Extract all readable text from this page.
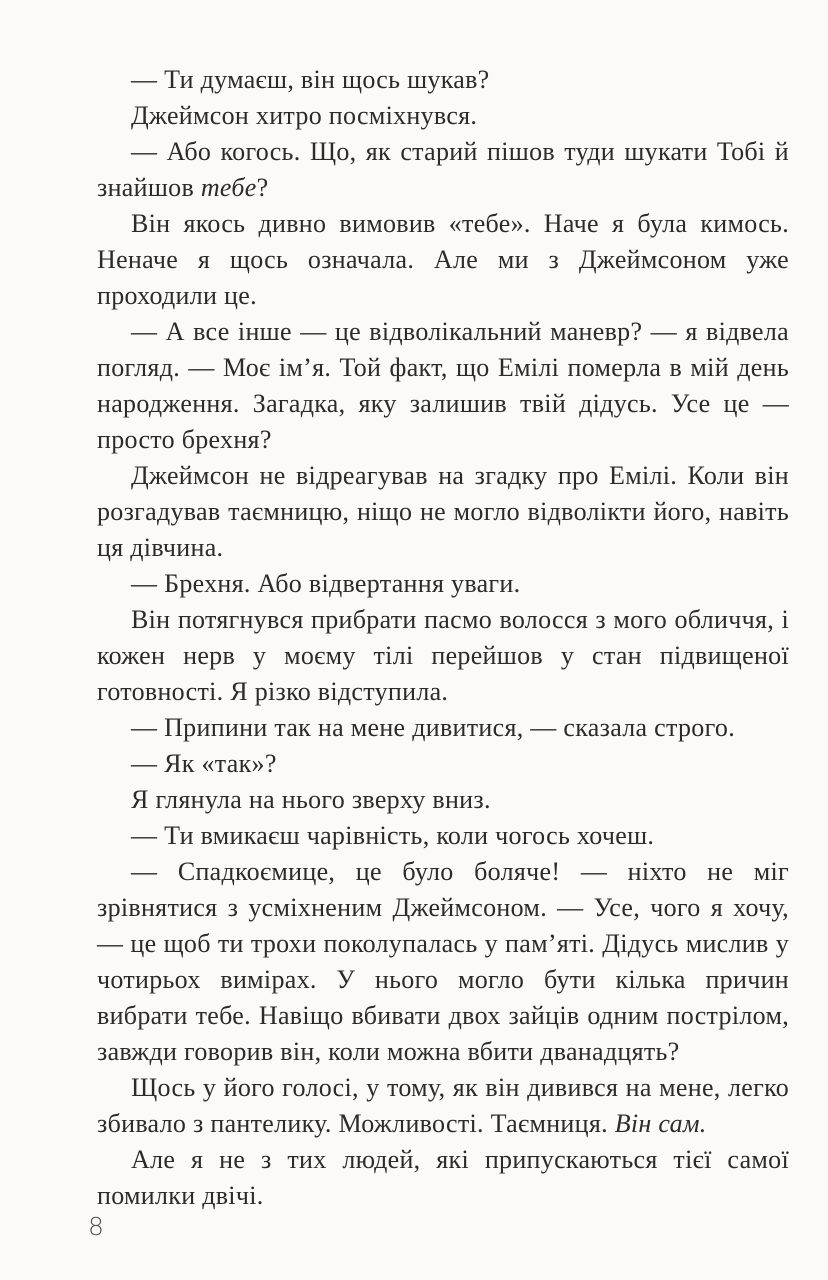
— Ти думаєш, він щось шукав?

Джеймсон хитро посміхнувся.

— Або когось. Що, як старий пішов туди шукати Тобі й знайшов тебе?

Він якось дивно вимовив «тебе». Наче я була кимось. Неначе я щось означала. Але ми з Джеймсоном уже проходили це.

— А все інше — це відволікальний маневр? — я відвела погляд. — Моє ім’я. Той факт, що Емілі померла в мій день народження. Загадка, яку залишив твій дідусь. Усе це — просто брехня?

Джеймсон не відреагував на згадку про Емілі. Коли він розгадував таємницю, ніщо не могло відволікти його, навіть ця дівчина.

— Брехня. Або відвертання уваги.

Він потягнувся прибрати пасмо волосся з мого обличчя, і кожен нерв у моєму тілі перейшов у стан підвищеної готовності. Я різко відступила.

— Припини так на мене дивитися, — сказала строго.

— Як «так»?

Я глянула на нього зверху вниз.

— Ти вмикаєш чарівність, коли чогось хочеш.

— Спадкоємице, це було боляче! — ніхто не міг зрівнятися з усміхненим Джеймсоном. — Усе, чого я хочу, — це щоб ти трохи поколупалась у пам’яті. Дідусь мислив у чотирьох вимірах. У нього могло бути кілька причин вибрати тебе. Навіщо вбивати двох зайців одним пострілом, завжди говорив він, коли можна вбити дванадцять?

Щось у його голосі, у тому, як він дивився на мене, легко збивало з пантелику. Можливості. Таємниця. Він сам.

Але я не з тих людей, які припускаються тієї самої помилки двічі.

8
